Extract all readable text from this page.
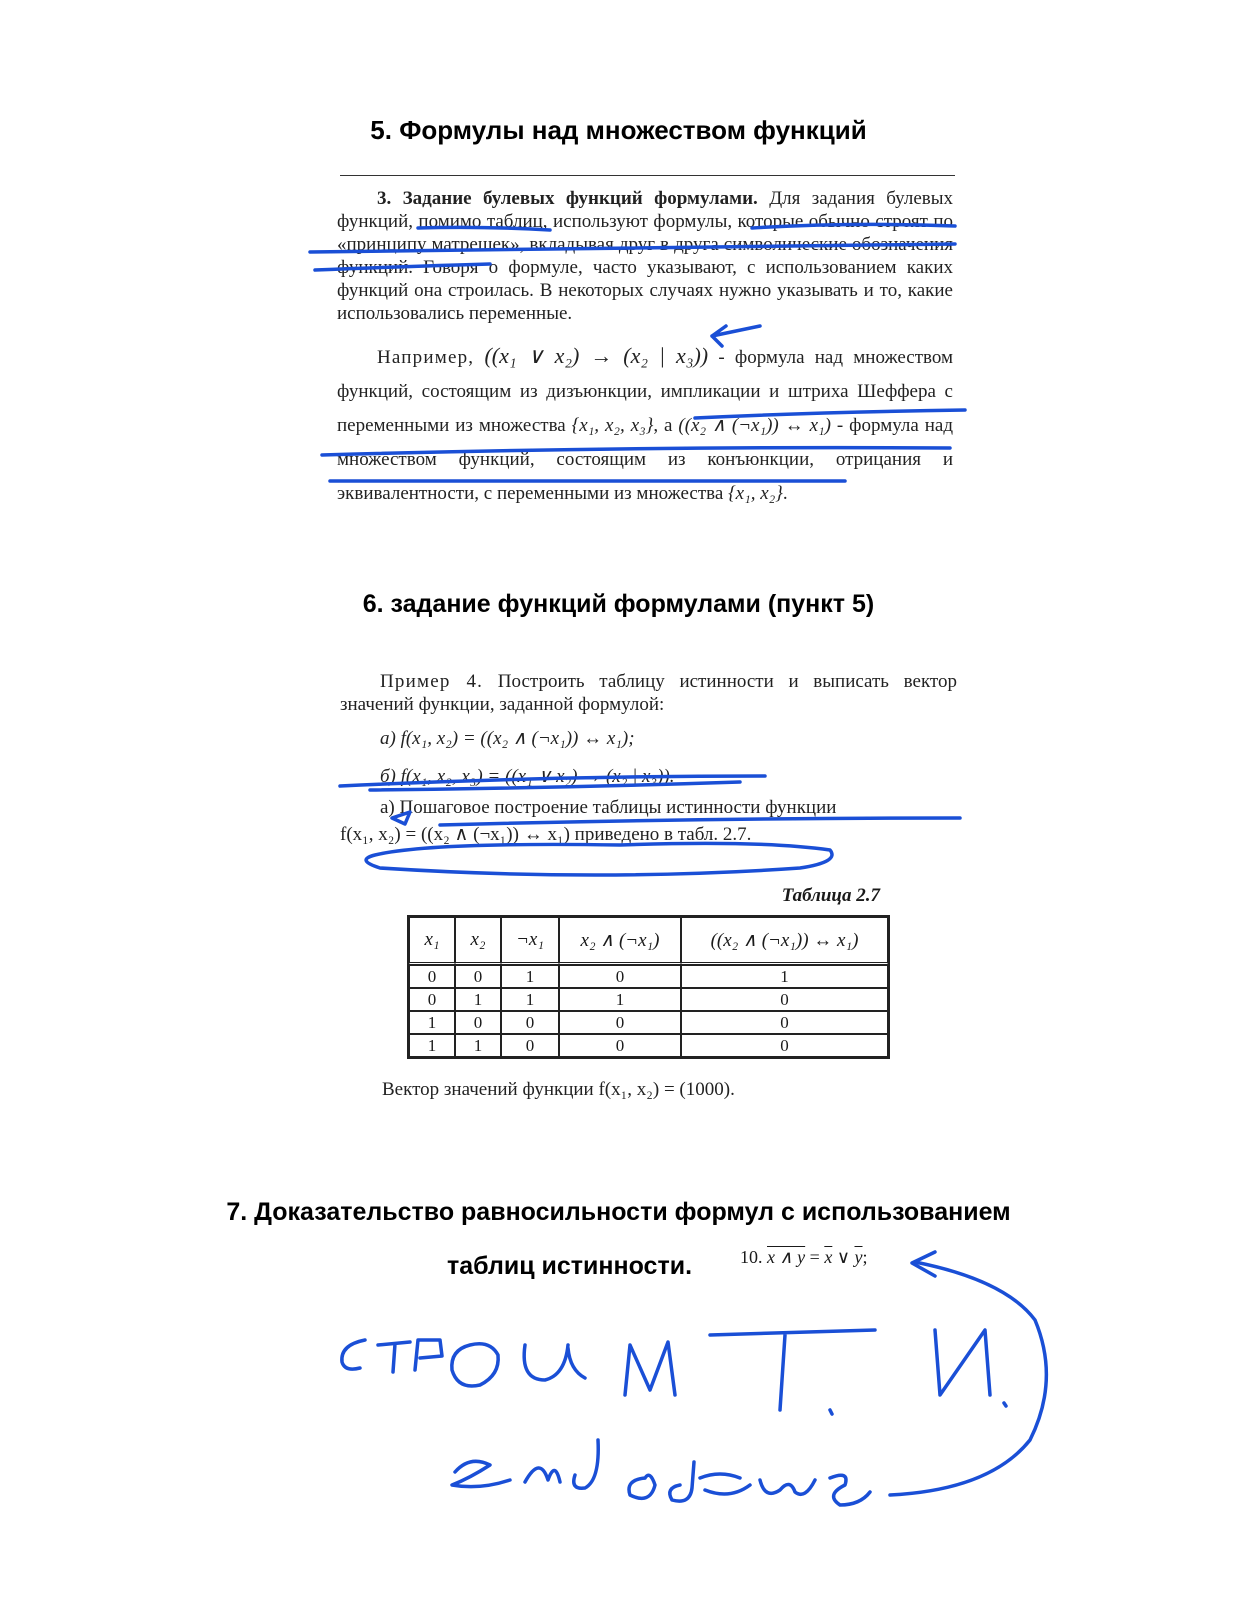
5. Формулы над множеством функций

3. Задание булевых функций формулами. Для задания булевых функций, помимо таблиц, используют формулы, которые обычно строят по «принципу матрешек», вкладывая друг в друга символические обозначения функций. Говоря о формуле, часто указывают, с использованием каких функций она строилась. В некоторых случаях нужно указывать и то, какие использовались переменные.

Например, ((x₁ ∨ x₂) → (x₂ | x₃)) - формула над множеством функций, состоящим из дизъюнкции, импликации и штриха Шеффера с переменными из множества {x₁, x₂, x₃}, а ((x₂ ∧ (¬x₁)) ↔ x₁) - формула над множеством функций, состоящим из конъюнкции, отрицания и эквивалентности, с переменными из множества {x₁, x₂}.

6. задание функций формулами (пункт 5)

Пример 4. Построить таблицу истинности и выписать вектор значений функции, заданной формулой:

а) f(x₁, x₂) = ((x₂ ∧ (¬x₁)) ↔ x₁);

б) f(x₁, x₂, x₃) = ((x₁ ∨ x₂) → (x₂ | x₃)).

а) Пошаговое построение таблицы истинности функции

f(x₁, x₂) = ((x₂ ∧ (¬x₁)) ↔ x₁) приведено в табл. 2.7.

Таблица 2.7
x₁	x₂	¬x₁	x₂ ∧ (¬x₁)	((x₂ ∧ (¬x₁)) ↔ x₁)
0	0	1	0	1
0	1	1	1	0
1	0	0	0	0
1	1	0	0	0
Вектор значений функции f(x₁, x₂) = (1000).
7. Доказательство равносильности формул с использованием
таблиц истинности.	10. x ∧ $y = \overline{x}$ ∨ $\overline{y}$;
